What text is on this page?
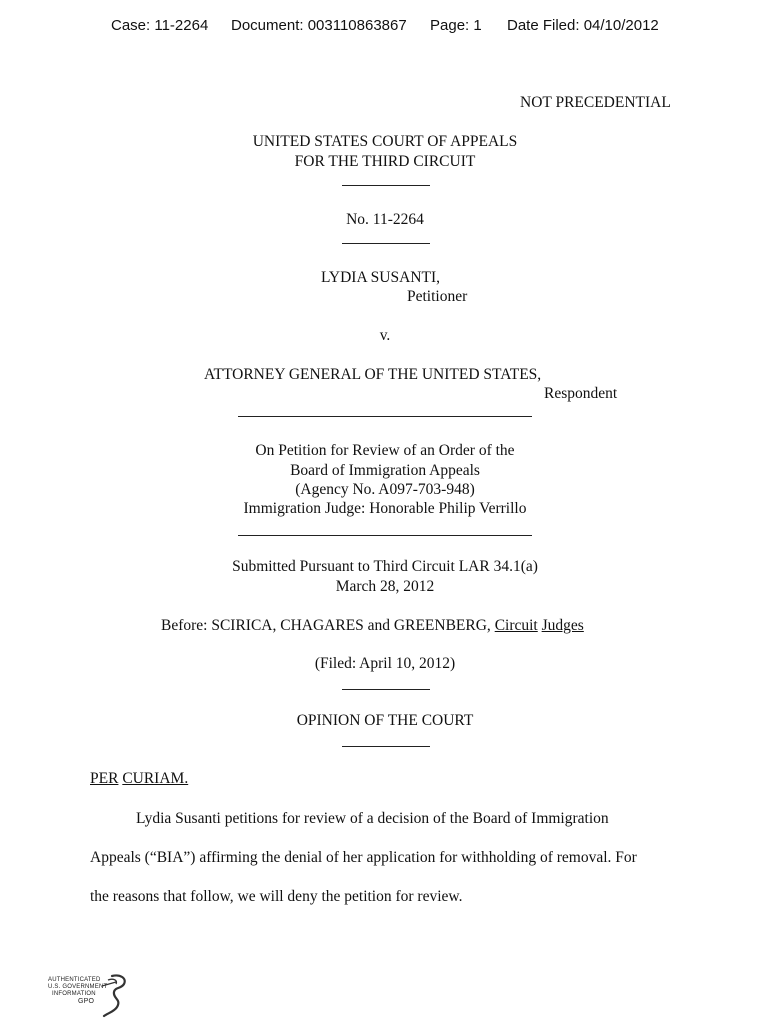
Case: 11-2264 Document: 003110863867 Page: 1 Date Filed: 04/10/2012
NOT PRECEDENTIAL
UNITED STATES COURT OF APPEALS
FOR THE THIRD CIRCUIT
No. 11-2264
LYDIA SUSANTI,
Petitioner
v.
ATTORNEY GENERAL OF THE UNITED STATES,
Respondent
On Petition for Review of an Order of the
Board of Immigration Appeals
(Agency No. A097-703-948)
Immigration Judge: Honorable Philip Verrillo
Submitted Pursuant to Third Circuit LAR 34.1(a)
March 28, 2012
Before: SCIRICA, CHAGARES and GREENBERG, Circuit Judges
(Filed: April 10, 2012)
OPINION OF THE COURT
PER CURIAM.
Lydia Susanti petitions for review of a decision of the Board of Immigration
Appeals (“BIA”) affirming the denial of her application for withholding of removal. For
the reasons that follow, we will deny the petition for review.
AUTHENTICATED
U.S. GOVERNMENT
INFORMATION
GPO
